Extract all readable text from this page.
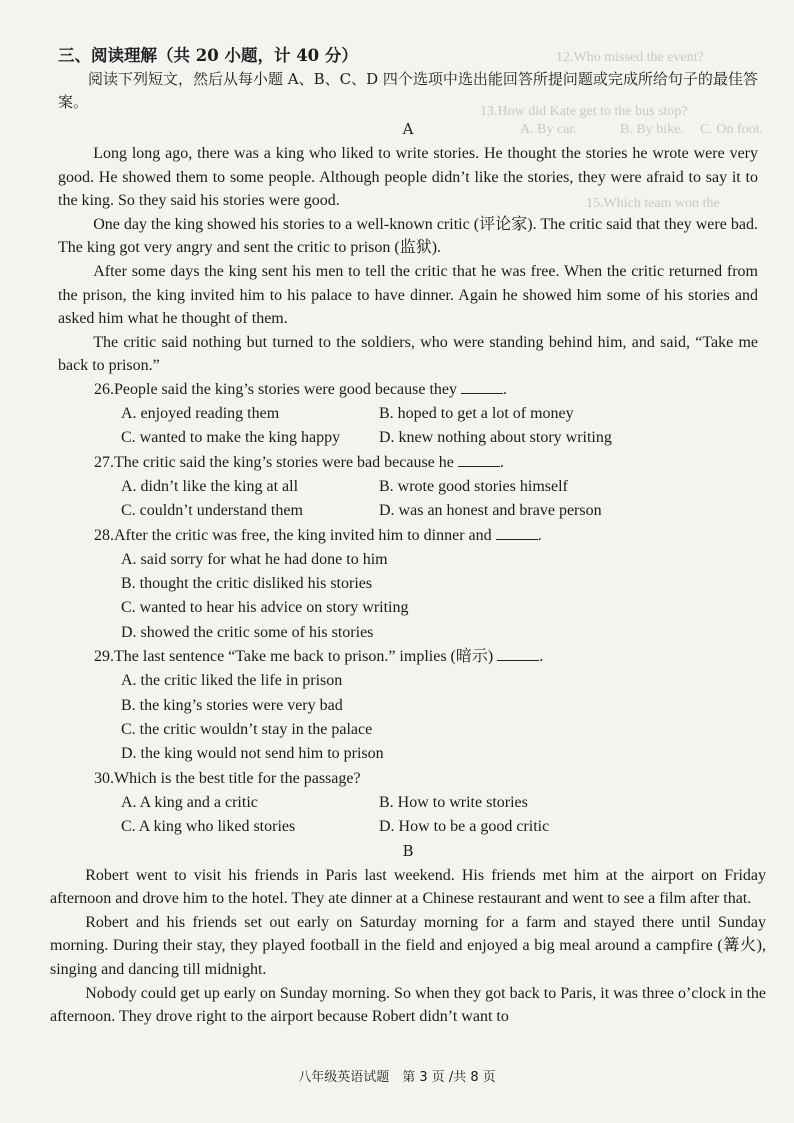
12.Who missed the event?
13.How did Kate get to the bus stop?
A. By car.	B. By bike. C. On foot.
15.Which team won the

三、阅读理解（共 20 小题，计 40 分）

阅读下列短文，然后从每小题 A、B、C、D 四个选项中选出能回答所提问题或完成所给句子的最佳答案。

A

Long long ago, there was a king who liked to write stories. He thought the stories he wrote were very good. He showed them to some people. Although people didn’t like the stories, they were afraid to say it to the king. So they said his stories were good.

One day the king showed his stories to a well-known critic (评论家). The critic said that they were bad. The king got very angry and sent the critic to prison (监狱).

After some days the king sent his men to tell the critic that he was free. When the critic returned from the prison, the king invited him to his palace to have dinner. Again he showed him some of his stories and asked him what he thought of them.

The critic said nothing but turned to the soldiers, who were standing behind him, and said, “Take me back to prison.”

26.People said the king’s stories were good because they	.

A. enjoyed reading them	B. hoped to get a lot of money
C. wanted to make the king happy	D. knew nothing about story writing

27.The critic said the king’s stories were bad because he	.

A. didn’t like the king at all	B. wrote good stories himself
C. couldn’t understand them	D. was an honest and brave person

28.After the critic was free, the king invited him to dinner and	.

A. said sorry for what he had done to him
B. thought the critic disliked his stories
C. wanted to hear his advice on story writing
D. showed the critic some of his stories

29.The last sentence “Take me back to prison.” implies (暗示)	.

A. the critic liked the life in prison
B. the king’s stories were very bad
C. the critic wouldn’t stay in the palace
D. the king would not send him to prison

30.Which is the best title for the passage?

A. A king and a critic	B. How to write stories
C. A king who liked stories	D. How to be a good critic
B

Robert went to visit his friends in Paris last weekend. His friends met him at the airport on Friday afternoon and drove him to the hotel. They ate dinner at a Chinese restaurant and went to see a film after that.

Robert and his friends set out early on Saturday morning for a farm and stayed there until Sunday morning. During their stay, they played football in the field and enjoyed a big meal around a campfire (篝火), singing and dancing till midnight.

Nobody could get up early on Sunday morning. So when they got back to Paris, it was three o’clock in the afternoon. They drove right to the airport because Robert didn’t want to

八年级英语试题　第 3 页 /共 8 页
